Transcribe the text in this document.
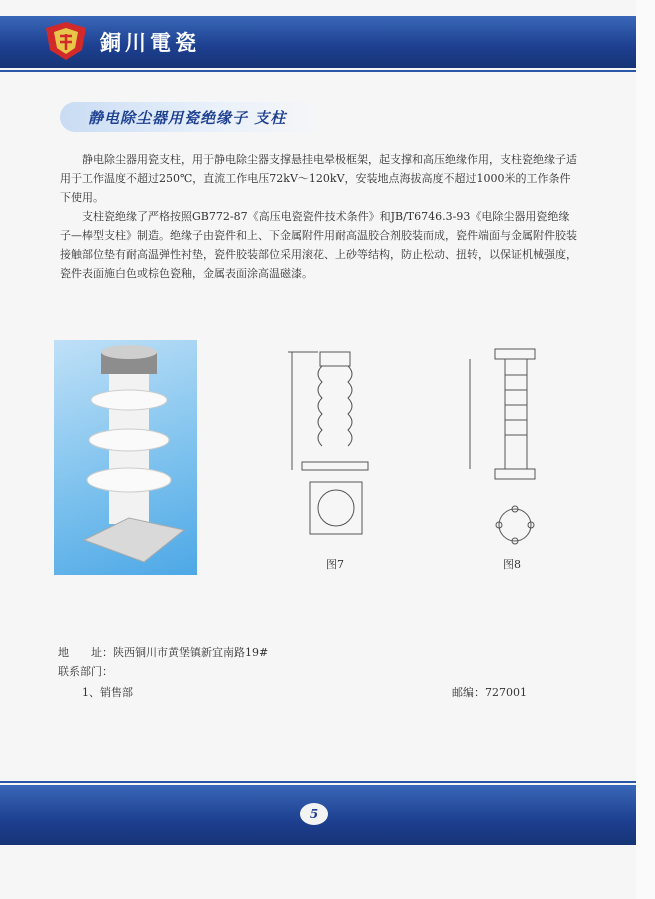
銅川電瓷
静电除尘器用瓷绝缘子 支柱
静电除尘器用瓷支柱，用于静电除尘器支撑悬挂电晕极框架，起支撑和高压绝缘作用，支柱瓷绝缘子适用于工作温度不超过250℃，直流工作电压72kV～120kV，安装地点海拔高度不超过1000米的工作条件下使用。
支柱瓷绝缘了严格按照GB772-87《高压电瓷瓷件技术条件》和JB/T6746.3-93《电除尘器用瓷绝缘子—棒型支柱》制造。绝缘子由瓷件和上、下金属附件用耐高温胶合剂胶装而成，瓷件端面与金属附件胶装接触部位垫有耐高温弹性衬垫，瓷件胶装部位采用滚花、上砂等结构，防止松动、扭转，以保证机械强度，瓷件表面施白色或棕色瓷釉，金属表面涂高温磁漆。
图7	图8
地　　址：陕西铜川市黄堡镇新宜南路19#
联系部门：
1、销售部	邮编：727001
5
